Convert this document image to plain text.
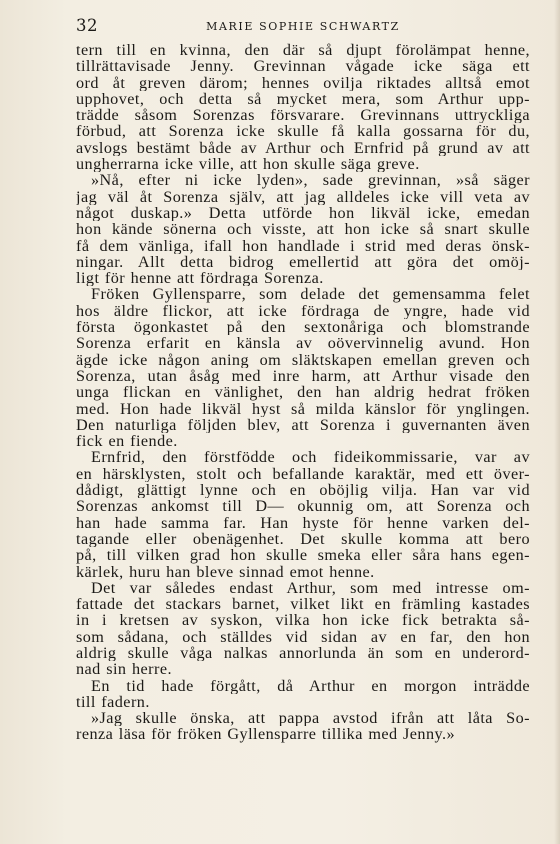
32	MARIE SOPHIE SCHWARTZ
tern till en kvinna, den där så djupt förolämpat henne,
tillrättavisade Jenny. Grevinnan vågade icke säga ett
ord åt greven därom; hennes ovilja riktades alltså emot
upphovet, och detta så mycket mera, som Arthur upp-
trädde såsom Sorenzas försvarare. Grevinnans uttryckliga
förbud, att Sorenza icke skulle få kalla gossarna för du,
avslogs bestämt både av Arthur och Ernfrid på grund av att
ungherrarna icke ville, att hon skulle säga greve.
»Nå, efter ni icke lyden», sade grevinnan, »så säger
jag väl åt Sorenza själv, att jag alldeles icke vill veta av
något duskap.» Detta utförde hon likväl icke, emedan
hon kände sönerna och visste, att hon icke så snart skulle
få dem vänliga, ifall hon handlade i strid med deras önsk-
ningar. Allt detta bidrog emellertid att göra det omöj-
ligt för henne att fördraga Sorenza.
Fröken Gyllensparre, som delade det gemensamma felet
hos äldre flickor, att icke fördraga de yngre, hade vid
första ögonkastet på den sextonåriga och blomstrande
Sorenza erfarit en känsla av oövervinnelig avund. Hon
ägde icke någon aning om släktskapen emellan greven och
Sorenza, utan åsåg med inre harm, att Arthur visade den
unga flickan en vänlighet, den han aldrig hedrat fröken
med. Hon hade likväl hyst så milda känslor för ynglingen.
Den naturliga följden blev, att Sorenza i guvernanten även
fick en fiende.
Ernfrid, den förstfödde och fideikommissarie, var av
en härsklysten, stolt och befallande karaktär, med ett över-
dådigt, glättigt lynne och en oböjlig vilja. Han var vid
Sorenzas ankomst till D— okunnig om, att Sorenza och
han hade samma far. Han hyste för henne varken del-
tagande eller obenägenhet. Det skulle komma att bero
på, till vilken grad hon skulle smeka eller såra hans egen-
kärlek, huru han bleve sinnad emot henne.
Det var således endast Arthur, som med intresse om-
fattade det stackars barnet, vilket likt en främling kastades
in i kretsen av syskon, vilka hon icke fick betrakta så-
som sådana, och ställdes vid sidan av en far, den hon
aldrig skulle våga nalkas annorlunda än som en underord-
nad sin herre.
En tid hade förgått, då Arthur en morgon inträdde
till fadern.
»Jag skulle önska, att pappa avstod ifrån att låta So-
renza läsa för fröken Gyllensparre tillika med Jenny.»
